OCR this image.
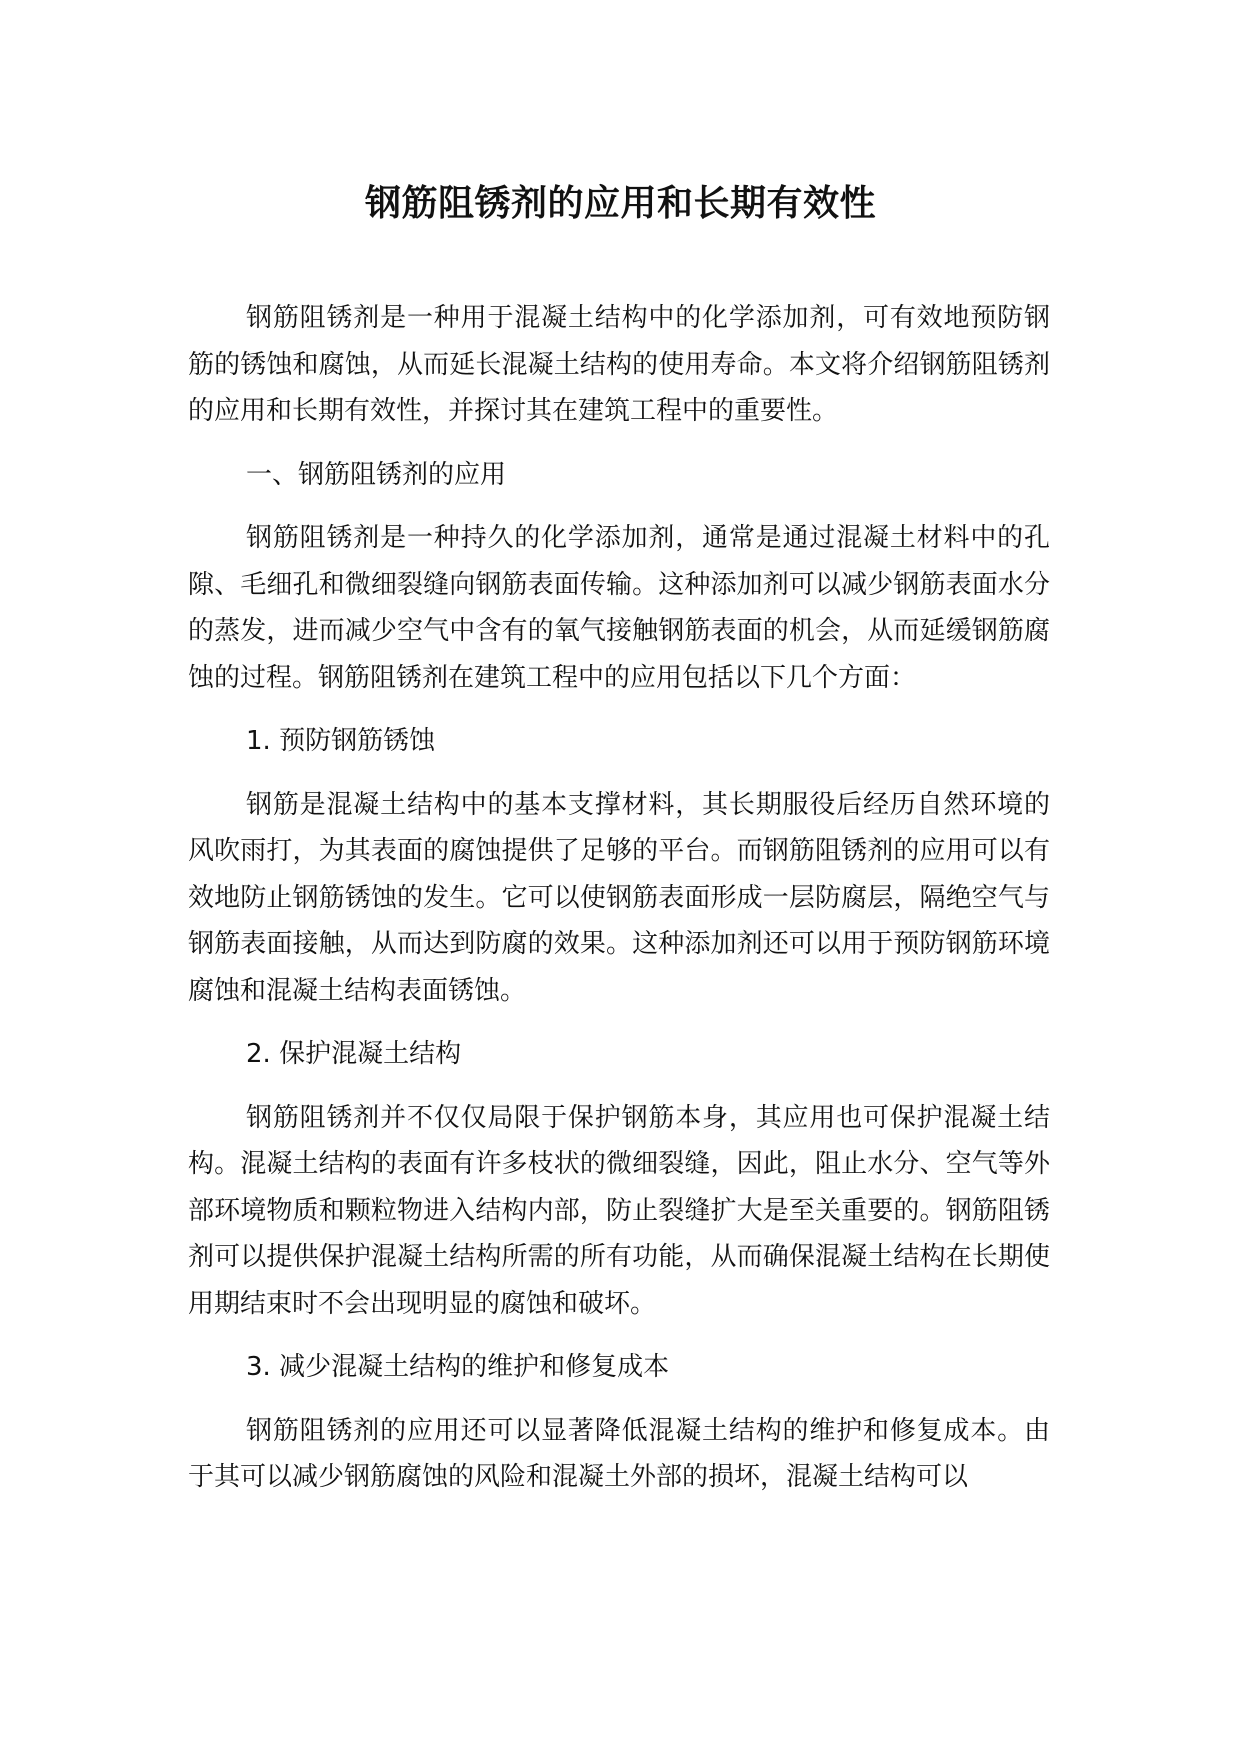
钢筋阻锈剂的应用和长期有效性

钢筋阻锈剂是一种用于混凝土结构中的化学添加剂，可有效地预防钢筋的锈蚀和腐蚀，从而延长混凝土结构的使用寿命。本文将介绍钢筋阻锈剂的应用和长期有效性，并探讨其在建筑工程中的重要性。

一、钢筋阻锈剂的应用

钢筋阻锈剂是一种持久的化学添加剂，通常是通过混凝土材料中的孔隙、毛细孔和微细裂缝向钢筋表面传输。这种添加剂可以减少钢筋表面水分的蒸发，进而减少空气中含有的氧气接触钢筋表面的机会，从而延缓钢筋腐蚀的过程。钢筋阻锈剂在建筑工程中的应用包括以下几个方面：

1. 预防钢筋锈蚀

钢筋是混凝土结构中的基本支撑材料，其长期服役后经历自然环境的风吹雨打，为其表面的腐蚀提供了足够的平台。而钢筋阻锈剂的应用可以有效地防止钢筋锈蚀的发生。它可以使钢筋表面形成一层防腐层，隔绝空气与钢筋表面接触，从而达到防腐的效果。这种添加剂还可以用于预防钢筋环境腐蚀和混凝土结构表面锈蚀。

2. 保护混凝土结构

钢筋阻锈剂并不仅仅局限于保护钢筋本身，其应用也可保护混凝土结构。混凝土结构的表面有许多枝状的微细裂缝，因此，阻止水分、空气等外部环境物质和颗粒物进入结构内部，防止裂缝扩大是至关重要的。钢筋阻锈剂可以提供保护混凝土结构所需的所有功能，从而确保混凝土结构在长期使用期结束时不会出现明显的腐蚀和破坏。

3. 减少混凝土结构的维护和修复成本

钢筋阻锈剂的应用还可以显著降低混凝土结构的维护和修复成本。由于其可以减少钢筋腐蚀的风险和混凝土外部的损坏，混凝土结构可以
